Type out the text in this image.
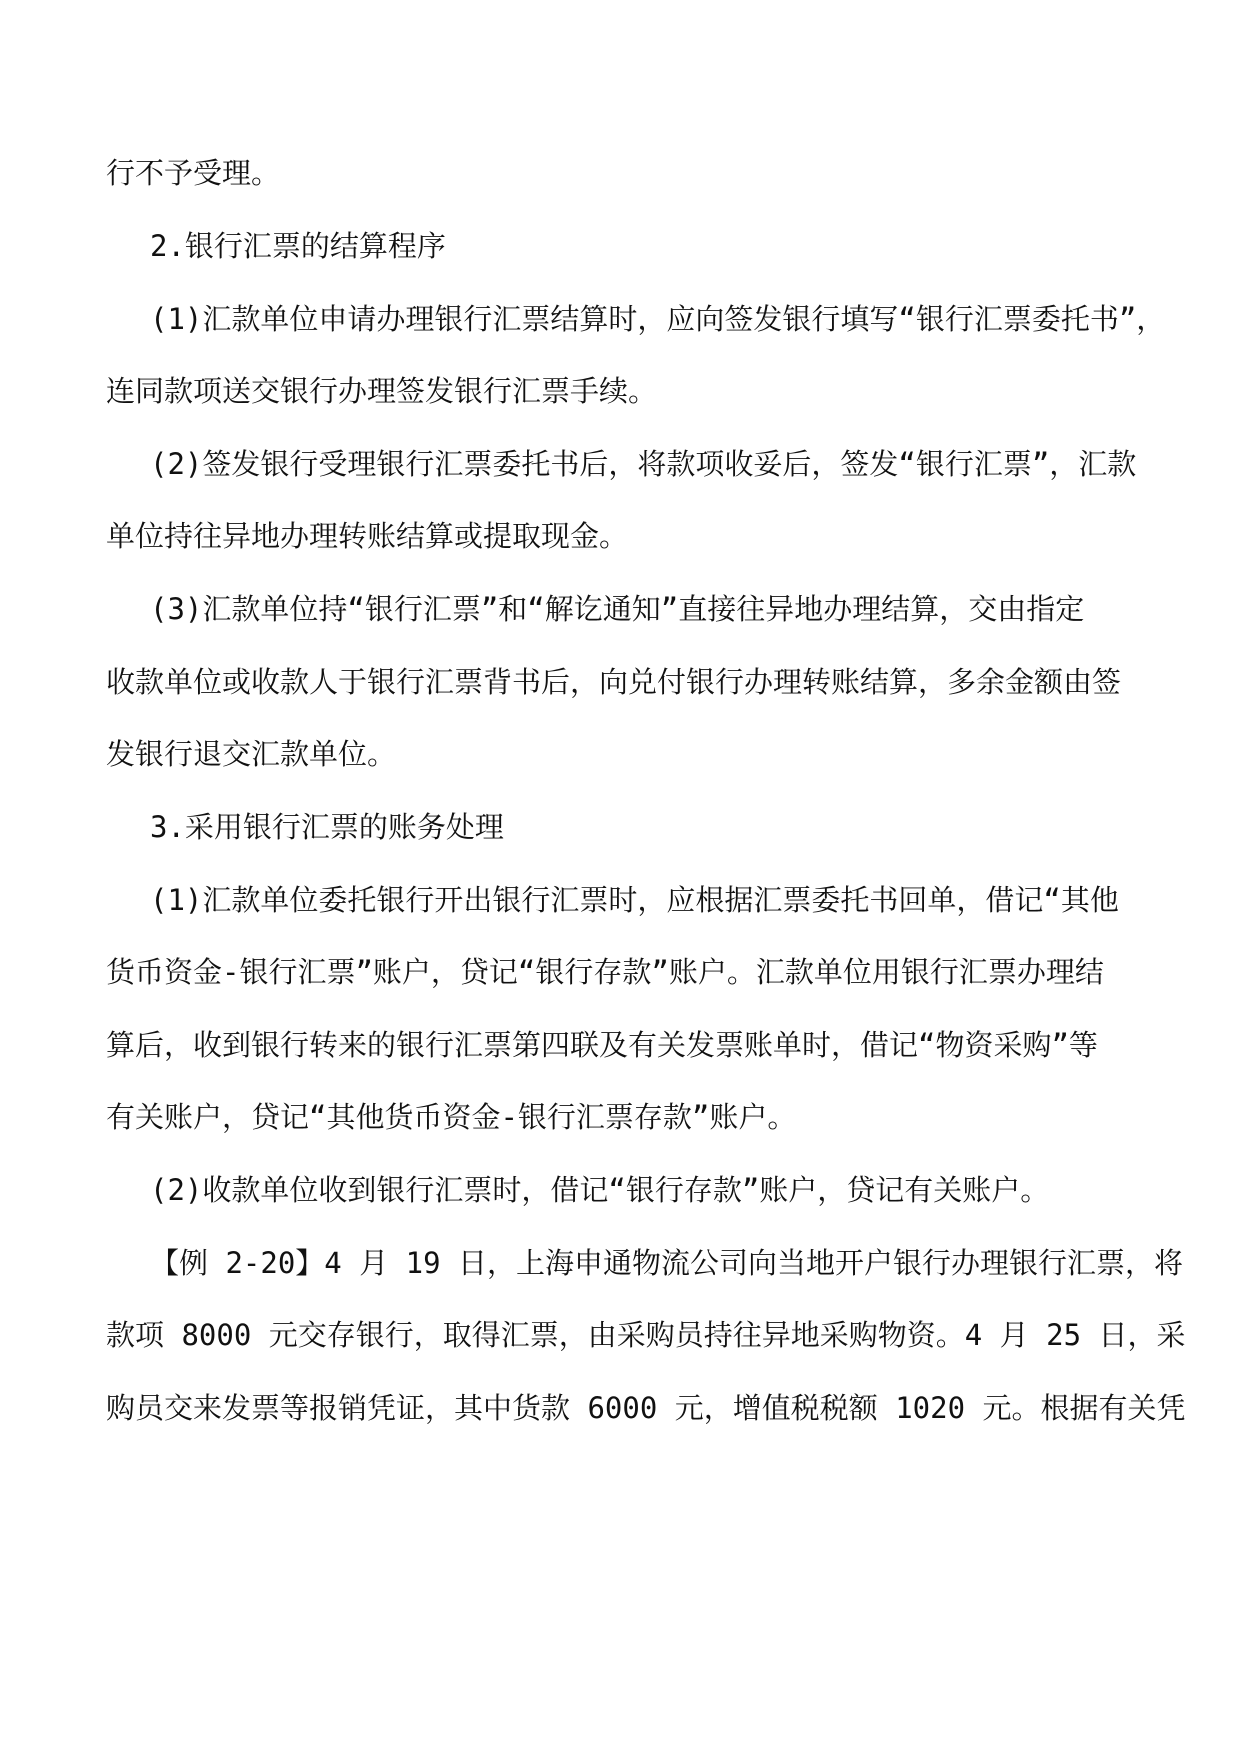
行不予受理。
2.银行汇票的结算程序
(1)汇款单位申请办理银行汇票结算时，应向签发银行填写“银行汇票委托书”，
连同款项送交银行办理签发银行汇票手续。
(2)签发银行受理银行汇票委托书后，将款项收妥后，签发“银行汇票”，汇款
单位持往异地办理转账结算或提取现金。
(3)汇款单位持“银行汇票”和“解讫通知”直接往异地办理结算，交由指定
收款单位或收款人于银行汇票背书后，向兑付银行办理转账结算，多余金额由签
发银行退交汇款单位。
3.采用银行汇票的账务处理
(1)汇款单位委托银行开出银行汇票时，应根据汇票委托书回单，借记“其他
货币资金-银行汇票”账户，贷记“银行存款”账户。汇款单位用银行汇票办理结
算后，收到银行转来的银行汇票第四联及有关发票账单时，借记“物资采购”等
有关账户，贷记“其他货币资金-银行汇票存款”账户。
(2)收款单位收到银行汇票时，借记“银行存款”账户，贷记有关账户。
【例 2-20】4 月 19 日，上海申通物流公司向当地开户银行办理银行汇票，将
款项 8000 元交存银行，取得汇票，由采购员持往异地采购物资。4 月 25 日，采
购员交来发票等报销凭证，其中货款 6000 元，增值税税额 1020 元。根据有关凭
